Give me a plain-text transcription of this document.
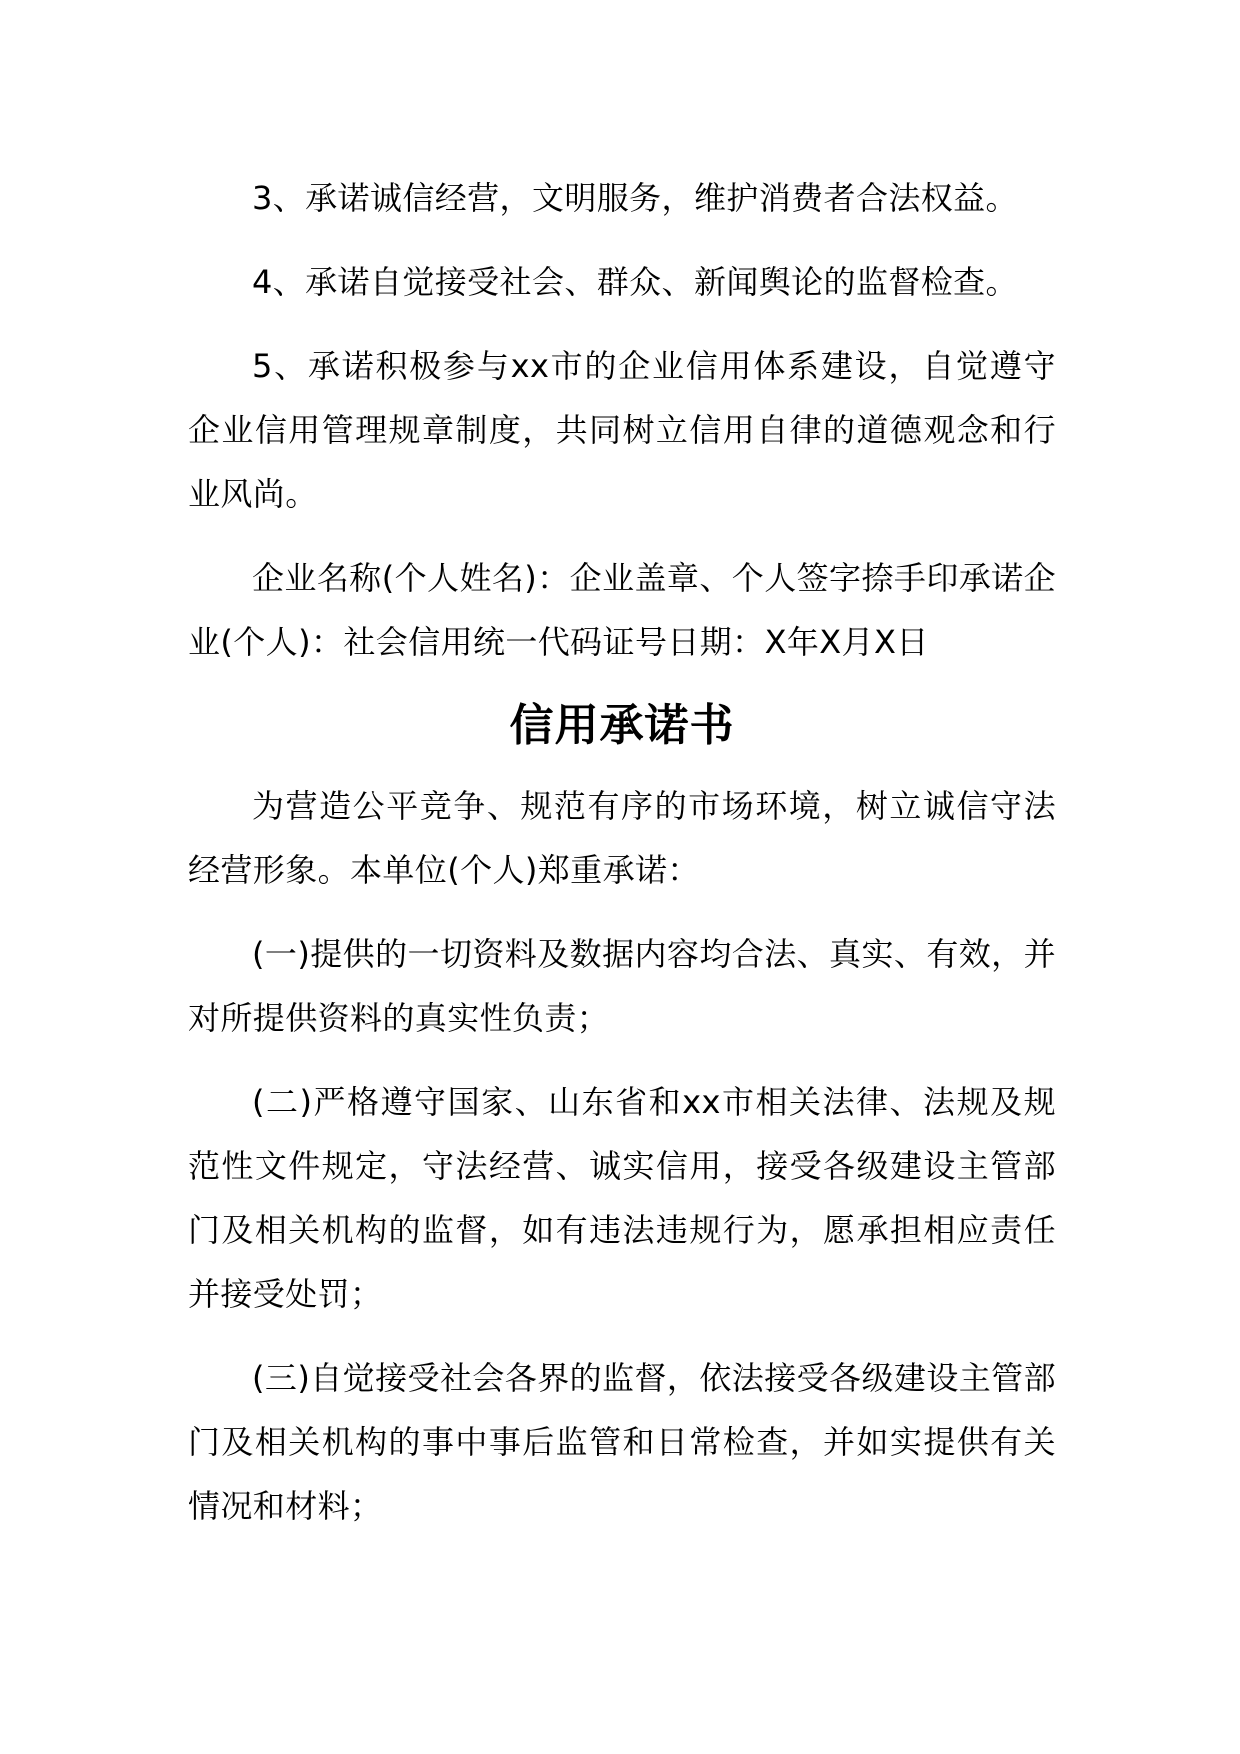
3、承诺诚信经营，文明服务，维护消费者合法权益。

4、承诺自觉接受社会、群众、新闻舆论的监督检查。

5、承诺积极参与xx市的企业信用体系建设，自觉遵守企业信用管理规章制度，共同树立信用自律的道德观念和行业风尚。

企业名称(个人姓名)：企业盖章、个人签字捺手印承诺企业(个人)：社会信用统一代码证号日期：X年X月X日

信用承诺书

为营造公平竞争、规范有序的市场环境，树立诚信守法经营形象。本单位(个人)郑重承诺：

(一)提供的一切资料及数据内容均合法、真实、有效，并对所提供资料的真实性负责；

(二)严格遵守国家、山东省和xx市相关法律、法规及规范性文件规定，守法经营、诚实信用，接受各级建设主管部门及相关机构的监督，如有违法违规行为，愿承担相应责任并接受处罚；

(三)自觉接受社会各界的监督，依法接受各级建设主管部门及相关机构的事中事后监管和日常检查，并如实提供有关情况和材料；
